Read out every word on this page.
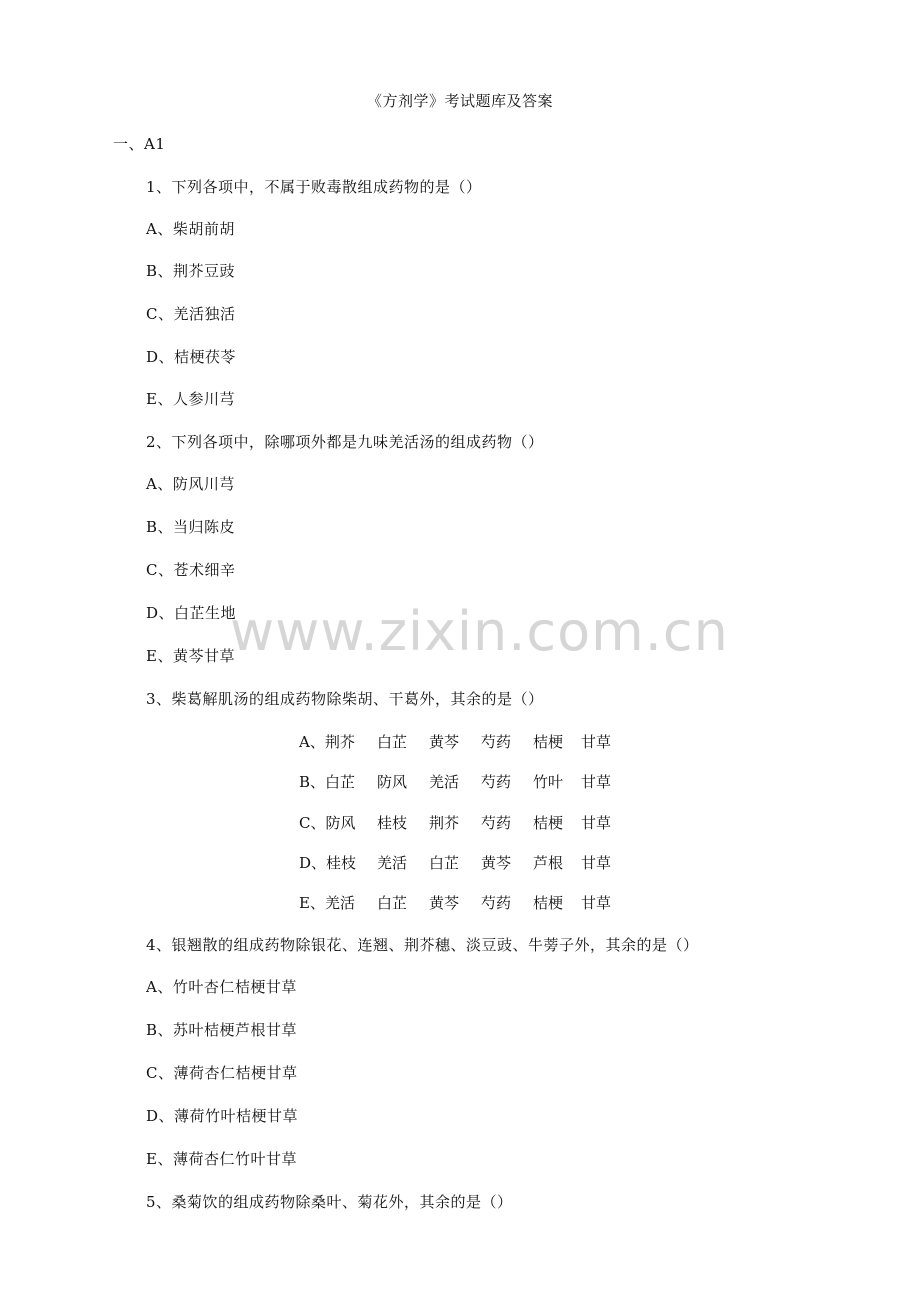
www.zixin.com.cn
《方剂学》考试题库及答案
一、A1
1、下列各项中，不属于败毒散组成药物的是（）
A、柴胡前胡
B、荆芥豆豉
C、羌活独活
D、桔梗茯苓
E、人参川芎
2、下列各项中，除哪项外都是九味羌活汤的组成药物（）
A、防风川芎
B、当归陈皮
C、苍术细辛
D、白芷生地
E、黄芩甘草
3、柴葛解肌汤的组成药物除柴胡、干葛外，其余的是（）
A、荆芥 白芷 黄芩 芍药 桔梗 甘草
B、白芷 防风 羌活 芍药 竹叶 甘草
C、防风 桂枝 荆芥 芍药 桔梗 甘草
D、桂枝 羌活 白芷 黄芩 芦根 甘草
E、羌活 白芷 黄芩 芍药 桔梗 甘草
4、银翘散的组成药物除银花、连翘、荆芥穗、淡豆豉、牛蒡子外，其余的是（）
A、竹叶杏仁桔梗甘草
B、苏叶桔梗芦根甘草
C、薄荷杏仁桔梗甘草
D、薄荷竹叶桔梗甘草
E、薄荷杏仁竹叶甘草
5、桑菊饮的组成药物除桑叶、菊花外，其余的是（）
